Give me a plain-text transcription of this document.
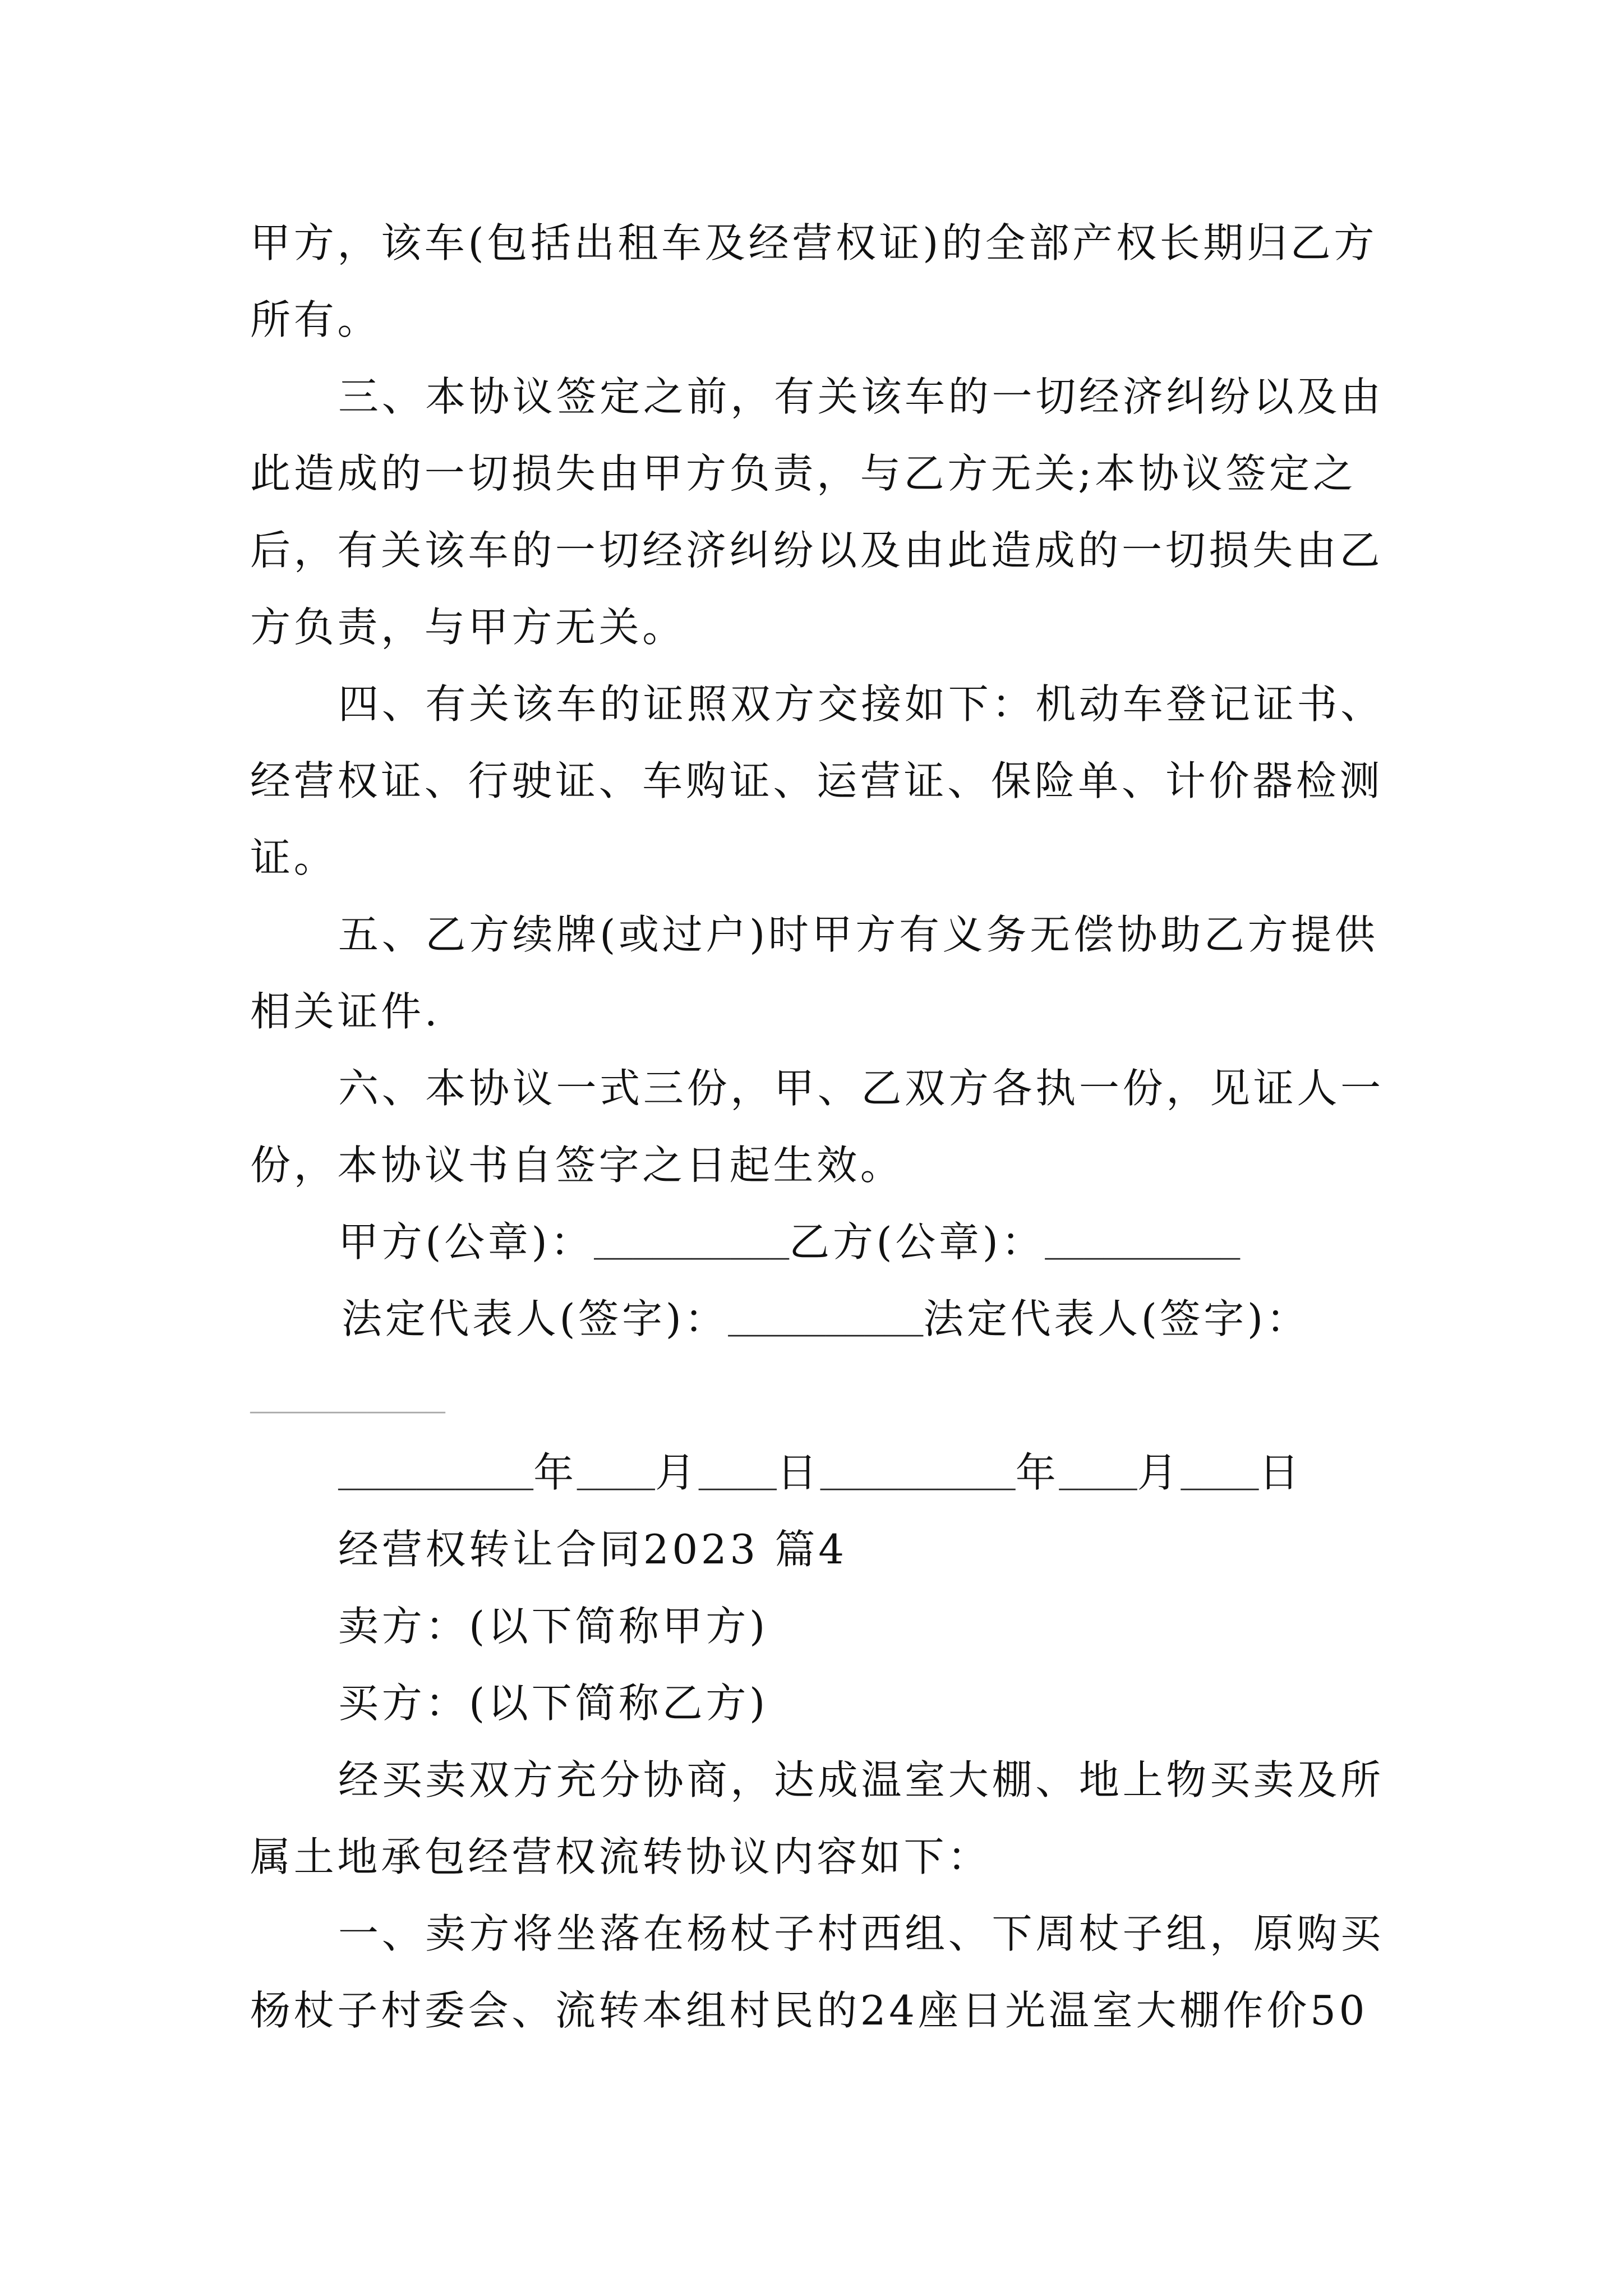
甲方，该车(包括出租车及经营权证)的全部产权长期归乙方
所有。
三、本协议签定之前，有关该车的一切经济纠纷以及由
此造成的一切损失由甲方负责，与乙方无关;本协议签定之
后，有关该车的一切经济纠纷以及由此造成的一切损失由乙
方负责，与甲方无关。
四、有关该车的证照双方交接如下：机动车登记证书、
经营权证、行驶证、车购证、运营证、保险单、计价器检测
证。
五、乙方续牌(或过户)时甲方有义务无偿协助乙方提供
相关证件.
六、本协议一式三份，甲、乙双方各执一份，见证人一
份，本协议书自签字之日起生效。
甲方(公章)：__________乙方(公章)：__________
法定代表人(签字)：__________法定代表人(签字)：
__________
__________年____月____日__________年____月____日
经营权转让合同2023 篇4
卖方：(以下简称甲方)
买方：(以下简称乙方)
经买卖双方充分协商，达成温室大棚、地上物买卖及所
属土地承包经营权流转协议内容如下：
一、卖方将坐落在杨杖子村西组、下周杖子组，原购买
杨杖子村委会、流转本组村民的24座日光温室大棚作价50
